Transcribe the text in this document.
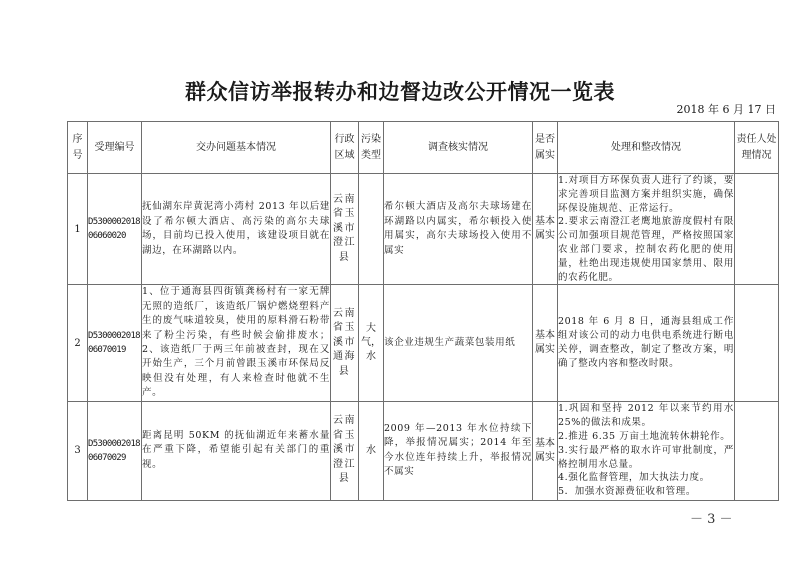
群众信访举报转办和边督边改公开情况一览表
2018 年 6 月 17 日
序号	受理编号	交办问题基本情况	行政区域	污染类型	调查核实情况	是否属实	处理和整改情况	责任人处理情况
1	D530000201806060020	抚仙湖东岸黄泥湾小湾村 2013 年以后建设了希尔顿大酒店、高污染的高尔夫球场，目前均已投入使用，该建设项目就在湖边，在环湖路以内。	云南省玉溪市澄江县		希尔顿大酒店及高尔夫球场建在环湖路以内属实，希尔顿投入使用属实，高尔夫球场投入使用不属实	基本属实	1.对项目方环保负责人进行了约谈，要求完善项目监测方案并组织实施，确保环保设施规范、正常运行。
2.要求云南澄江老鹰地旅游度假村有限公司加强项目规范管理，严格按照国家农业部门要求，控制农药化肥的使用量，杜绝出现违规使用国家禁用、限用的农药化肥。	

2	D530000201806070019	1、位于通海县四街镇龚杨村有一家无牌无照的造纸厂，该造纸厂锅炉燃烧塑料产生的废气味道较臭，使用的原料滑石粉带来了粉尘污染，有些时候会偷排废水；2、该造纸厂于两三年前被查封，现在又开始生产，三个月前曾跟玉溪市环保局反映但没有处理，有人来检查时他就不生产。	云南省玉溪市通海县	大气，水	该企业违规生产蔬菜包装用纸	基本属实	2018 年 6 月 8 日，通海县组成工作组对该公司的动力电供电系统进行断电关停，调查整改，制定了整改方案，明确了整改内容和整改时限。	

3	D530000201806070029	距离昆明 50KM 的抚仙湖近年来蓄水量在严重下降，希望能引起有关部门的重视。	云南省玉溪市澄江县	水	2009 年—2013 年水位持续下降，举报情况属实；2014 年至今水位连年持续上升，举报情况不属实	基本属实	1.巩固和坚持 2012 年以来节约用水 25%的做法和成果。
2.推进 6.35 万亩土地流转休耕轮作。
3.实行最严格的取水许可审批制度，严格控制用水总量。
4.强化监督管理，加大执法力度。
5．加强水资源费征收和管理。	

－ 3 －
